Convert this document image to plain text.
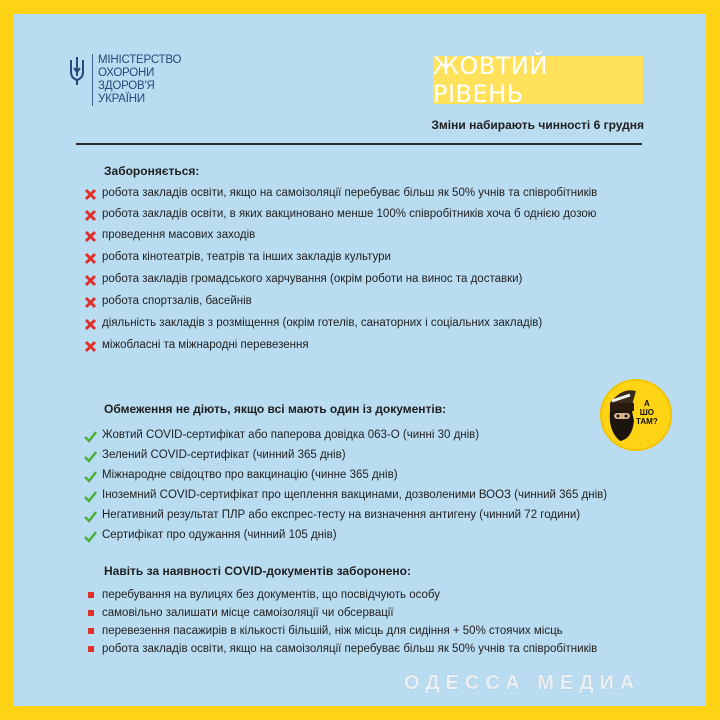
МІНІСТЕРСТВО
ОХОРОНИ
ЗДОРОВ'Я
УКРАЇНИ
ЖОВТИЙ РІВЕНЬ
Зміни набирають чинності 6 грудня
Забороняється:
робота закладів освіти, якщо на самоізоляції перебуває більш як 50% учнів та співробітників
робота закладів освіти, в яких вакциновано менше 100% співробітників хоча б однією дозою
проведення масових заходів
робота кінотеатрів, театрів та інших закладів культури
робота закладів громадського харчування (окрім роботи на винос та доставки)
робота спортзалів, басейнів
діяльність закладів з розміщення (окрім готелів, санаторних і соціальних закладів)
міжобласні та міжнародні перевезення
Обмеження не діють, якщо всі мають один із документів:
Жовтий COVID-сертифікат або паперова довідка 063-О (чинні 30 днів)
Зелений COVID-сертифікат (чинний 365 днів)
Міжнародне свідоцтво про вакцинацію (чинне 365 днів)
Іноземний COVID-сертифікат про щеплення вакцинами, дозволеними ВООЗ (чинний 365 днів)
Негативний результат ПЛР або експрес-тесту на визначення антигену (чинний 72 години)
Сертифікат про одужання (чинний 105 днів)
Навіть за наявності COVID-документів заборонено:
перебування на вулицях без документів, що посвідчують особу
самовільно залишати місце самоізоляції чи обсервації
перевезення пасажирів в кількості більшій, ніж місць для сидіння + 50% стоячих місць
робота закладів освіти, якщо на самоізоляції перебуває більш як 50% учнів та співробітників
А
ШО
ТАМ?
ОДЕССА МЕДИА
